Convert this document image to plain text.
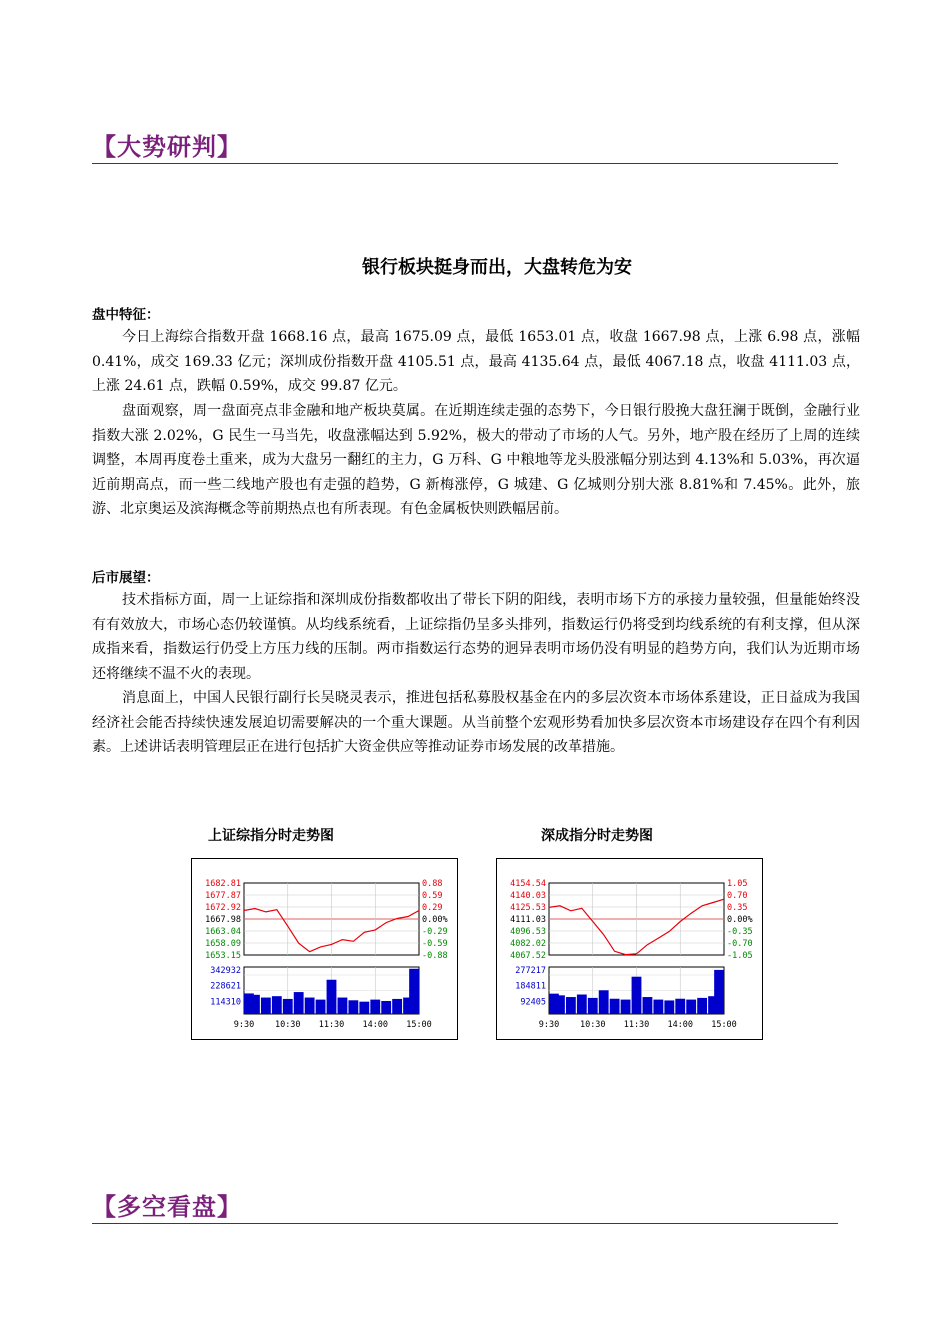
【大势研判】
银行板块挺身而出，大盘转危为安
盘中特征：

今日上海综合指数开盘 1668.16 点，最高 1675.09 点，最低 1653.01 点，收盘 1667.98 点，上涨 6.98 点，涨幅 0.41%，成交 169.33 亿元；深圳成份指数开盘 4105.51 点，最高 4135.64 点，最低 4067.18 点，收盘 4111.03 点，上涨 24.61 点，跌幅 0.59%，成交 99.87 亿元。

盘面观察，周一盘面亮点非金融和地产板块莫属。在近期连续走强的态势下，今日银行股挽大盘狂澜于既倒，金融行业指数大涨 2.02%，G 民生一马当先，收盘涨幅达到 5.92%，极大的带动了市场的人气。另外，地产股在经历了上周的连续调整，本周再度卷土重来，成为大盘另一翻红的主力，G 万科、G 中粮地等龙头股涨幅分别达到 4.13%和 5.03%，再次逼近前期高点，而一些二线地产股也有走强的趋势，G 新梅涨停，G 城建、G 亿城则分别大涨 8.81%和 7.45%。此外，旅游、北京奥运及滨海概念等前期热点也有所表现。有色金属板快则跌幅居前。

后市展望：

技术指标方面，周一上证综指和深圳成份指数都收出了带长下阴的阳线，表明市场下方的承接力量较强，但量能始终没有有效放大，市场心态仍较谨慎。从均线系统看，上证综指仍呈多头排列，指数运行仍将受到均线系统的有利支撑，但从深成指来看，指数运行仍受上方压力线的压制。两市指数运行态势的迥异表明市场仍没有明显的趋势方向，我们认为近期市场还将继续不温不火的表现。

消息面上，中国人民银行副行长吴晓灵表示，推进包括私募股权基金在内的多层次资本市场体系建设，正日益成为我国经济社会能否持续快速发展迫切需要解决的一个重大课题。从当前整个宏观形势看加快多层次资本市场建设存在四个有利因素。上述讲话表明管理层正在进行包括扩大资金供应等推动证券市场发展的改革措施。

上证综指分时走势图	深成指分时走势图
1682.81	0.88
1677.87	0.59
1672.92	0.29
1667.98	0.00%
1663.04	-0.29
1658.09	-0.59
1653.15	-0.88
342932
228621
114310
9:30 10:30 11:30 14:00 15:00
4154.54	1.05
4140.03	0.70
4125.53	0.35
4111.03	0.00%
4096.53	-0.35
4082.02	-0.70
4067.52	-1.05
277217
184811
92405
9:30 10:30 11:30 14:00 15:00
【多空看盘】
